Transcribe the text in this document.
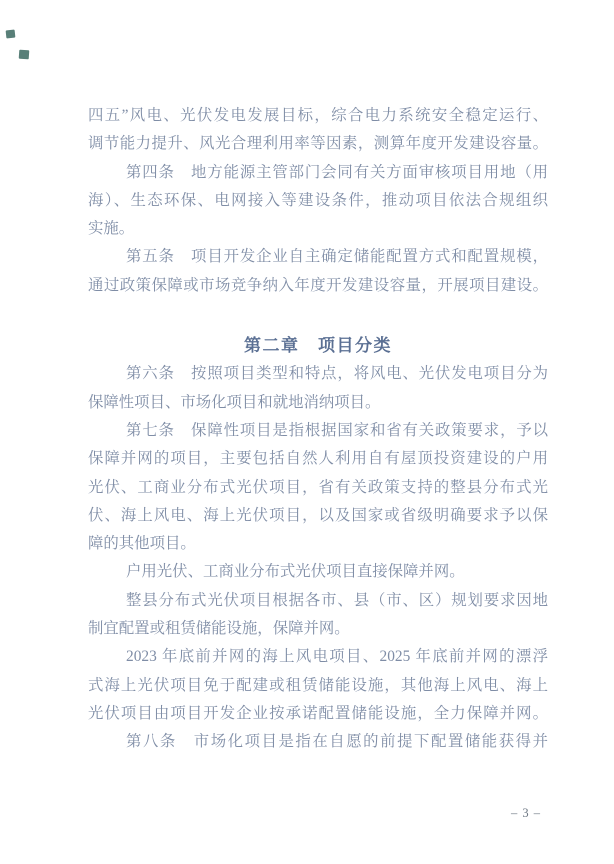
四五”风电、光伏发电发展目标，综合电力系统安全稳定运行、
调节能力提升、风光合理利用率等因素，测算年度开发建设容量。
第四条　地方能源主管部门会同有关方面审核项目用地（用
海）、生态环保、电网接入等建设条件，推动项目依法合规组织
实施。
第五条　项目开发企业自主确定储能配置方式和配置规模，
通过政策保障或市场竞争纳入年度开发建设容量，开展项目建设。
第二章　项目分类
第六条　按照项目类型和特点，将风电、光伏发电项目分为
保障性项目、市场化项目和就地消纳项目。
第七条　保障性项目是指根据国家和省有关政策要求，予以
保障并网的项目，主要包括自然人利用自有屋顶投资建设的户用
光伏、工商业分布式光伏项目，省有关政策支持的整县分布式光
伏、海上风电、海上光伏项目，以及国家或省级明确要求予以保
障的其他项目。
户用光伏、工商业分布式光伏项目直接保障并网。
整县分布式光伏项目根据各市、县（市、区）规划要求因地
制宜配置或租赁储能设施，保障并网。
2023 年底前并网的海上风电项目、2025 年底前并网的漂浮
式海上光伏项目免于配建或租赁储能设施，其他海上风电、海上
光伏项目由项目开发企业按承诺配置储能设施，全力保障并网。
第八条　市场化项目是指在自愿的前提下配置储能获得并
– 3 –
